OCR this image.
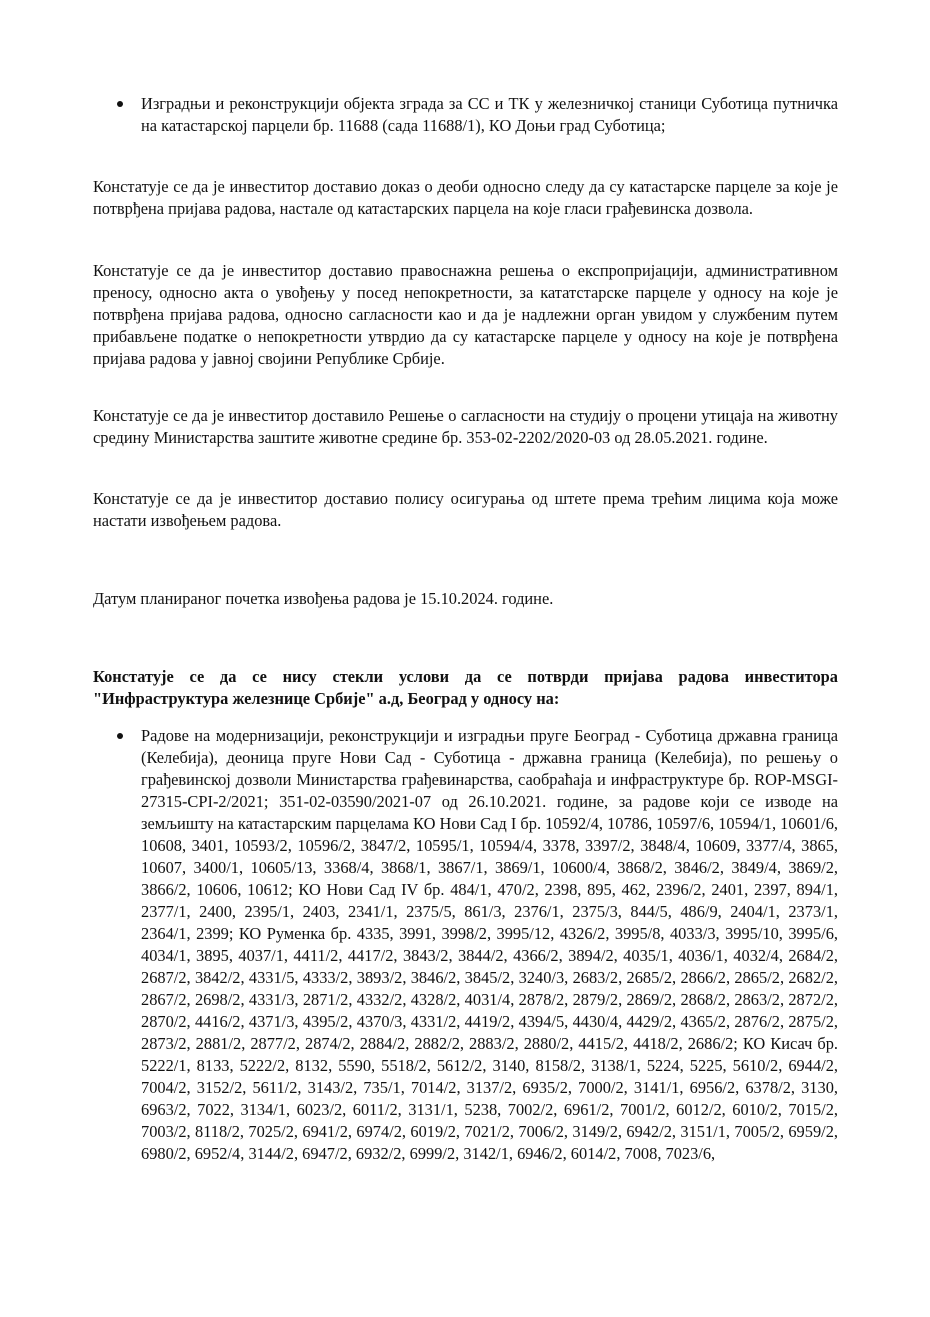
Изградњи и реконструкцији објекта зграда за СС и ТК у железничкој станици Суботица путничка на катастарској парцели бр. 11688 (сада 11688/1), КО Доњи град Суботица;

Констатује се да је инвеститор доставио доказ о деоби односно следу да су катастарске парцеле за које је потврђена пријава радова, настале од катастарских парцела на које гласи грађевинска дозвола.

Констатује се да је инвеститор доставио правоснажна решења о експропријацији, административном преносу, односно акта о увођењу у посед непокретности, за кататстарске парцеле у односу на које је потврђена пријава радова, односно сагласности као и да је надлежни орган увидом у службеним путем прибављене податке о непокретности утврдио да су катастарске парцеле у односу на које је потврђена пријава радова у јавној својини Републике Србије.

Констатује се да је инвеститор доставило Решење о сагласности на студију о процени утицаја на животну средину Министарства заштите животне средине бр. 353-02-2202/2020-03 од 28.05.2021. године.

Констатује се да је инвеститор доставио полису осигурања од штете према трећим лицима која може настати извођењем радова.

Датум планираног почетка извођења радова је 15.10.2024. године.

Констатује се да се нису стекли услови да се потврди пријава радова инвеститора "Инфраструктура железнице Србије" а.д, Београд у односу на:

Радове на модернизацији, реконструкцији и изградњи пруге Београд - Суботица државна граница (Келебија), деоница пруге Нови Сад - Суботица - државна граница (Келебија), по решењу о грађевинској дозволи Министарства грађевинарства, саобраћаја и инфраструктуре бр. ROP-MSGI-27315-CPI-2/2021; 351-02-03590/2021-07 од 26.10.2021. године, за радове који се изводе на земљишту на катастарским парцелама КО Нови Сад I бр. 10592/4, 10786, 10597/6, 10594/1, 10601/6, 10608, 3401, 10593/2, 10596/2, 3847/2, 10595/1, 10594/4, 3378, 3397/2, 3848/4, 10609, 3377/4, 3865, 10607, 3400/1, 10605/13, 3368/4, 3868/1, 3867/1, 3869/1, 10600/4, 3868/2, 3846/2, 3849/4, 3869/2, 3866/2, 10606, 10612; КО Нови Сад IV бр. 484/1, 470/2, 2398, 895, 462, 2396/2, 2401, 2397, 894/1, 2377/1, 2400, 2395/1, 2403, 2341/1, 2375/5, 861/3, 2376/1, 2375/3, 844/5, 486/9, 2404/1, 2373/1, 2364/1, 2399; КО Руменка бр. 4335, 3991, 3998/2, 3995/12, 4326/2, 3995/8, 4033/3, 3995/10, 3995/6, 4034/1, 3895, 4037/1, 4411/2, 4417/2, 3843/2, 3844/2, 4366/2, 3894/2, 4035/1, 4036/1, 4032/4, 2684/2, 2687/2, 3842/2, 4331/5, 4333/2, 3893/2, 3846/2, 3845/2, 3240/3, 2683/2, 2685/2, 2866/2, 2865/2, 2682/2, 2867/2, 2698/2, 4331/3, 2871/2, 4332/2, 4328/2, 4031/4, 2878/2, 2879/2, 2869/2, 2868/2, 2863/2, 2872/2, 2870/2, 4416/2, 4371/3, 4395/2, 4370/3, 4331/2, 4419/2, 4394/5, 4430/4, 4429/2, 4365/2, 2876/2, 2875/2, 2873/2, 2881/2, 2877/2, 2874/2, 2884/2, 2882/2, 2883/2, 2880/2, 4415/2, 4418/2, 2686/2; КО Кисач бр. 5222/1, 8133, 5222/2, 8132, 5590, 5518/2, 5612/2, 3140, 8158/2, 3138/1, 5224, 5225, 5610/2, 6944/2, 7004/2, 3152/2, 5611/2, 3143/2, 735/1, 7014/2, 3137/2, 6935/2, 7000/2, 3141/1, 6956/2, 6378/2, 3130, 6963/2, 7022, 3134/1, 6023/2, 6011/2, 3131/1, 5238, 7002/2, 6961/2, 7001/2, 6012/2, 6010/2, 7015/2, 7003/2, 8118/2, 7025/2, 6941/2, 6974/2, 6019/2, 7021/2, 7006/2, 3149/2, 6942/2, 3151/1, 7005/2, 6959/2, 6980/2, 6952/4, 3144/2, 6947/2, 6932/2, 6999/2, 3142/1, 6946/2, 6014/2, 7008, 7023/6,
